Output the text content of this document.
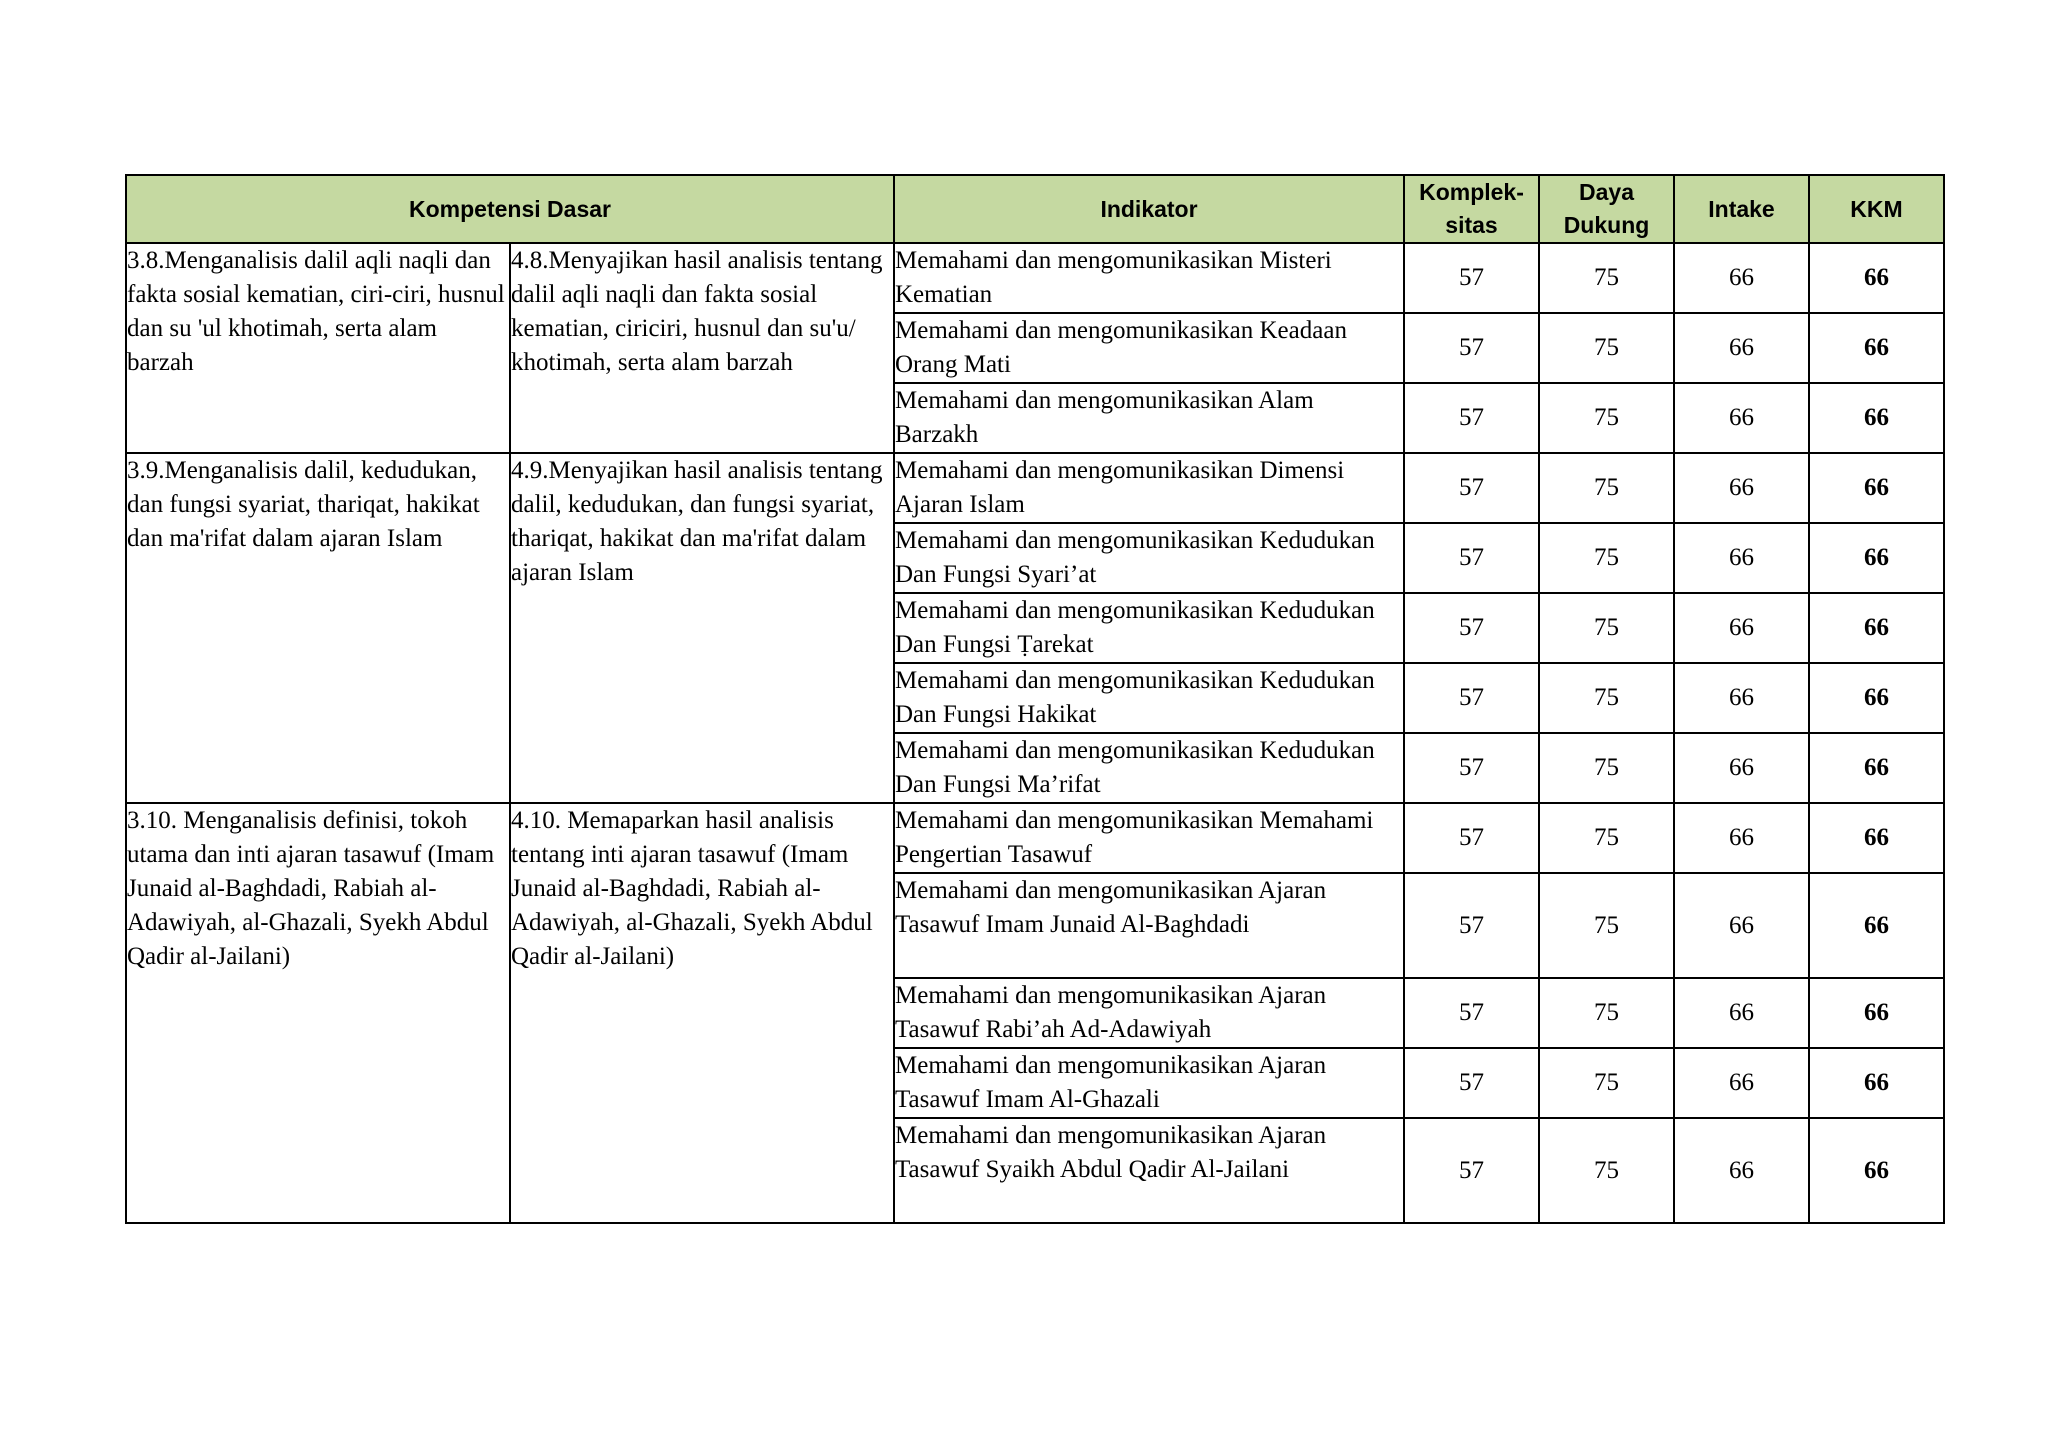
Kompetensi Dasar		Indikator	Komplek- sitas	Daya Dukung	Intake	KKM
3.8.Menganalisis dalil aqli naqli dan fakta sosial kematian, ciri-ciri, husnul dan su 'ul khotimah, serta alam barzah	4.8.Menyajikan hasil analisis tentang dalil aqli naqli dan fakta sosial kematian, ciriciri, husnul dan su'u/ khotimah, serta alam barzah	Memahami dan mengomunikasikan Misteri Kematian	57	75	66	66
		Memahami dan mengomunikasikan Keadaan Orang Mati	57	75	66	66
		Memahami dan mengomunikasikan Alam Barzakh	57	75	66	66
3.9.Menganalisis dalil, kedudukan, dan fungsi syariat, thariqat, hakikat dan ma'rifat dalam ajaran Islam	4.9.Menyajikan hasil analisis tentang dalil, kedudukan, dan fungsi syariat, thariqat, hakikat dan ma'rifat dalam ajaran Islam	Memahami dan mengomunikasikan Dimensi Ajaran Islam	57	75	66	66
		Memahami dan mengomunikasikan Kedudukan Dan Fungsi Syari’at	57	75	66	66
		Memahami dan mengomunikasikan Kedudukan Dan Fungsi Ṭarekat	57	75	66	66
		Memahami dan mengomunikasikan Kedudukan Dan Fungsi Hakikat	57	75	66	66
		Memahami dan mengomunikasikan Kedudukan Dan Fungsi Ma’rifat	57	75	66	66
3.10. Menganalisis definisi, tokoh utama dan inti ajaran tasawuf (Imam Junaid al-Baghdadi, Rabiah al-Adawiyah, al-Ghazali, Syekh Abdul Qadir al-Jailani)	4.10. Memaparkan hasil analisis tentang inti ajaran tasawuf (Imam Junaid al-Baghdadi, Rabiah al-Adawiyah, al-Ghazali, Syekh Abdul Qadir al-Jailani)	Memahami dan mengomunikasikan Memahami Pengertian Tasawuf	57	75	66	66
		Memahami dan mengomunikasikan Ajaran Tasawuf Imam Junaid Al-Baghdadi	57	75	66	66
		Memahami dan mengomunikasikan Ajaran Tasawuf Rabi’ah Ad-Adawiyah	57	75	66	66
		Memahami dan mengomunikasikan Ajaran Tasawuf Imam Al-Ghazali	57	75	66	66
		Memahami dan mengomunikasikan Ajaran Tasawuf Syaikh Abdul Qadir Al-Jailani	57	75	66	66
